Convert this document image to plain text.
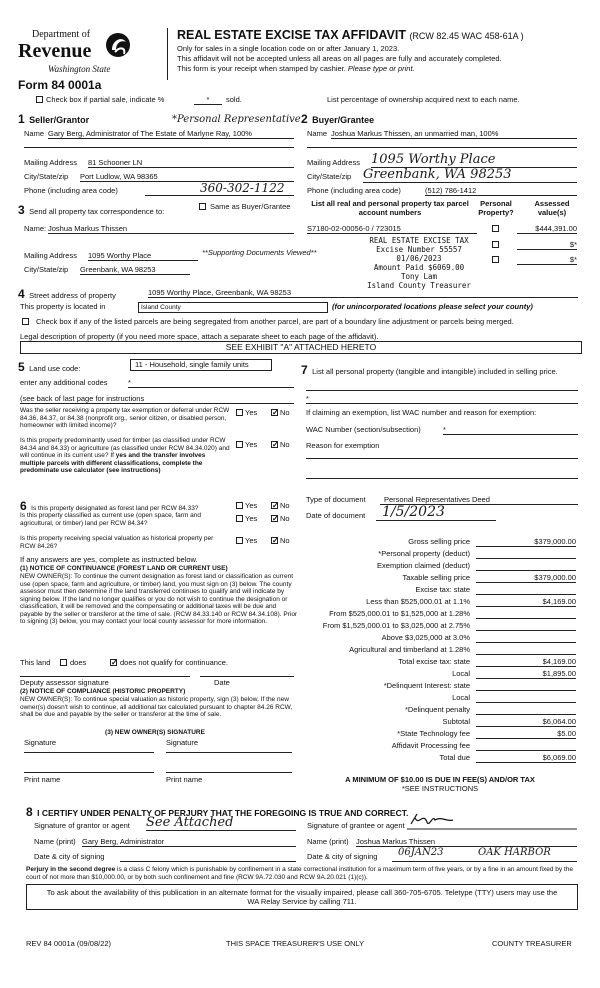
Department of
Revenue
Washington State
Form 84 0001a
REAL ESTATE EXCISE TAX AFFIDAVIT (RCW 82.45 WAC 458-61A )
Only for sales in a single location code on or after January 1, 2023.
This affidavit will not be accepted unless all areas on all pages are fully and accurately completed.
This form is your receipt when stamped by cashier. Please type or print.
Check box if partial sale, indicate %	*	sold.	List percentage of ownership acquired next to each name.
1 Seller/Grantor	*Personal Representative
Name Gary Berg, Administrator of The Estate of Marlyne Ray, 100%
2 Buyer/Grantee
Name Joshua Markus Thissen, an unmarried man, 100%
Mailing Address 81 Schooner LN
City/State/zip Port Ludlow, WA 98365
Phone (including area code)	360-302-1122
Mailing Address 1095 Worthy Place
City/State/zip Greenbank, WA 98253
Phone (including area code)	(512) 786-1412
3 Send all property tax correspondence to:
Same as Buyer/Grantee
Name: Joshua Markus Thissen
Mailing Address 1095 Worthy Place	**Supporting Documents Viewed**
City/State/zip Greenbank, WA 98253
List all real and personal property tax parcel account numbers
Personal Property?
Assessed value(s)
S7180-02-00056-0 / 723015	$444,391.00
$*
$*
REAL ESTATE EXCISE TAX
Excise Number 55557
01/06/2023
Amount Paid $6069.00
Tony Lam
Island County Treasurer
4 Street address of property	1095 Worthy Place, Greenbank, WA 98253
This property is located in	Island County	(for unincorporated locations please select your county)
Check box if any of the listed parcels are being segregated from another parcel, are part of a boundary line adjustment or parcels being merged.
Legal description of property (if you need more space, attach a separate sheet to each page of the affidavit).
SEE EXHIBIT "A" ATTACHED HERETO
5 Land use code:	11 - Household, single family units
enter any additional codes	*
(see back of last page for instructions
Was the seller receiving a property tax exemption or deferral under RCW 84.36, 84.37, or 84.38 (nonprofit org., senior citizen, or disabled person, homeowner with limited income)?
Yes ✓ No
Is this property predominantly used for timber (as classified under RCW 84.34 and 84.33) or agriculture (as classified under RCW 84.34.020) and will continue in its current use? If yes and the transfer involves multiple parcels with different classifications, complete the predominate use calculator (see instructions)
Yes ✓ No
6 Is this property designated as forest land per RCW 84.33?	Yes ✓ No
Is this property classified as current use (open space, farm and agricultural, or timber) land per RCW 84.34?	Yes ✓ No
Is this property receiving special valuation as historical property per RCW 84.26?
Yes ✓ No
If any answers are yes, complete as instructed below.
(1) NOTICE OF CONTINUANCE (FOREST LAND OR CURRENT USE)
NEW OWNER(S): To continue the current designation as forest land or classification as current use (open space, farm and agriculture, or timber) land, you must sign on (3) below. The county assessor must then determine if the land transferred continues to qualify and will indicate by signing below. If the land no longer qualifies or you do not wish to continue the designation or classification, it will be removed and the compensating or additional taxes will be due and payable by the seller or transferor at the time of sale. (RCW 84.33.140 or RCW 84.34.108). Prior to signing (3) below, you may contact your local county assessor for more information.
This land	does	✓ does not qualify for continuance.
Deputy assessor signature	Date
(2) NOTICE OF COMPLIANCE (HISTORIC PROPERTY)
NEW OWNER(S): To continue special valuation as historic property, sign (3) below. If the new owner(s) doesn't wish to continue, all additional tax calculated pursuant to chapter 84.26 RCW, shall be due and payable by the seller or transferor at the time of sale.
(3) NEW OWNER(S) SIGNATURE
Signature	Signature
Print name	Print name
7 List all personal property (tangible and intangible) included in selling price.
*
If claiming an exemption, list WAC number and reason for exemption:
WAC Number (section/subsection)	*
Reason for exemption
Type of document	Personal Representatives Deed
Date of document	1/5/2023
Gross selling price	$379,000.00
*Personal property (deduct)
Exemption claimed (deduct)
Taxable selling price	$379,000.00
Excise tax: state
Less than $525,000.01 at 1.1%	$4,169.00
From $525,000.01 to $1,525,000 at 1.28%
From $1,525,000.01 to $3,025,000 at 2.75%
Above $3,025,000 at 3.0%
Agricultural and timberland at 1.28%
Total excise tax: state	$4,169.00
Local	$1,895.00
*Delinquent Interest: state
Local
*Delinquent penalty
Subtotal	$6,064.00
*State Technology fee	$5.00
Affidavit Processing fee
Total due	$6,069.00
A MINIMUM OF $10.00 IS DUE IN FEE(S) AND/OR TAX
*SEE INSTRUCTIONS
8 I CERTIFY UNDER PENALTY OF PERJURY THAT THE FOREGOING IS TRUE AND CORRECT.
Signature of grantor or agent See Attached	Signature of grantee or agent
Name (print) Gary Berg, Administrator	Name (print) Joshua Markus Thissen
Date & city of signing	Date & city of signing 06JAN23	OAK HARBOR
Perjury in the second degree is a class C felony which is punishable by confinement in a state correctional institution for a maximum term of five years, or by a fine in an amount fixed by the court of not more than $10,000.00, or by both such confinement and fine (RCW 9A.72.030 and RCW 9A.20.021 (1)(c)).
To ask about the availability of this publication in an alternate format for the visually impaired, please call 360-705-6705. Teletype (TTY) users may use the WA Relay Service by calling 711.
REV 84 0001a (09/08/22)	THIS SPACE TREASURER'S USE ONLY	COUNTY TREASURER
